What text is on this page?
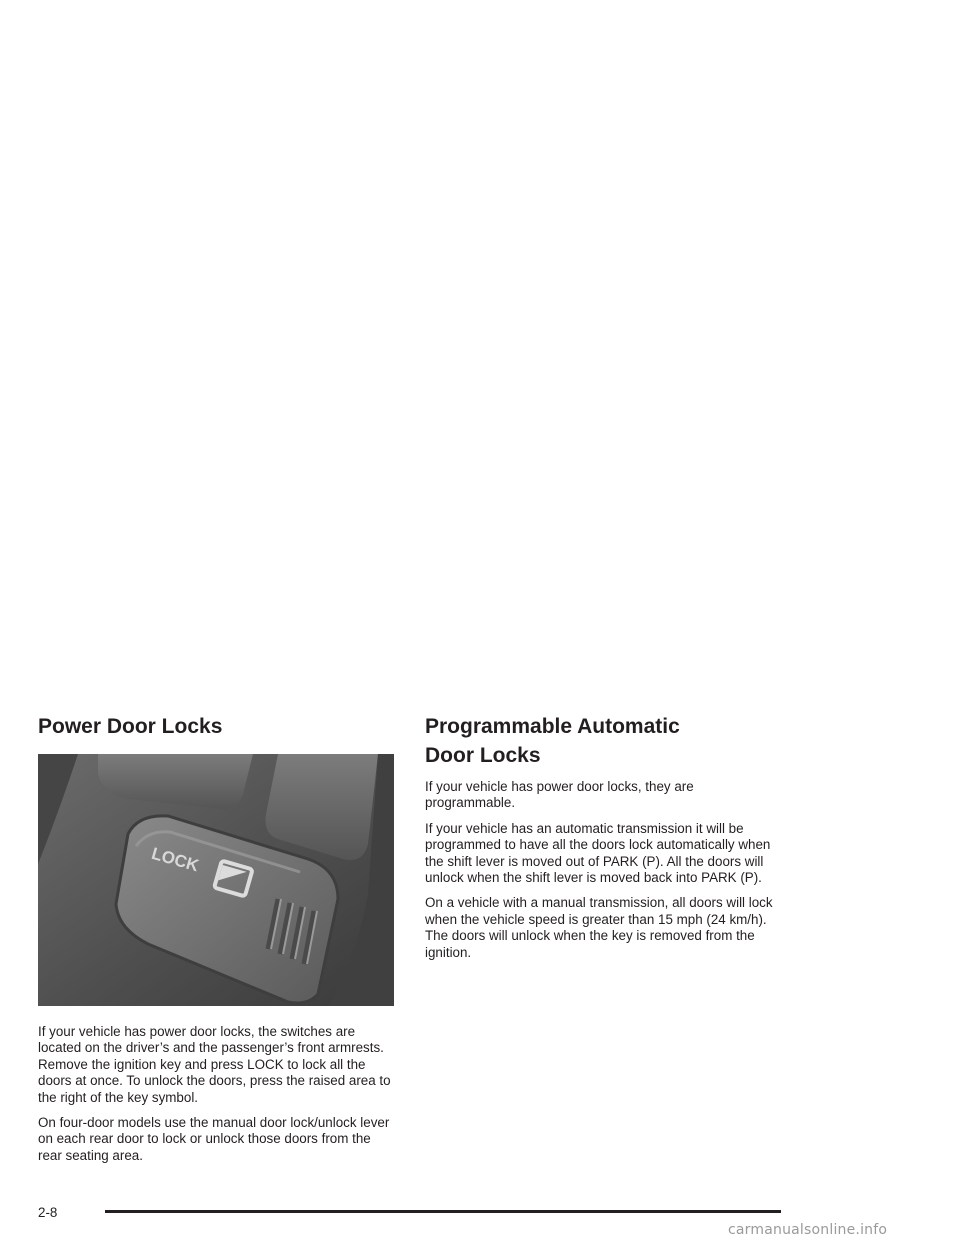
Power Door Locks
LOCK

If your vehicle has power door locks, the switches are located on the driver’s and the passenger’s front armrests. Remove the ignition key and press LOCK to lock all the doors at once. To unlock the doors, press the raised area to the right of the key symbol.

On four-door models use the manual door lock/unlock lever on each rear door to lock or unlock those doors from the rear seating area.

Programmable Automatic
Door Locks

If your vehicle has power door locks, they are programmable.

If your vehicle has an automatic transmission it will be programmed to have all the doors lock automatically when the shift lever is moved out of PARK (P). All the doors will unlock when the shift lever is moved back into PARK (P).

On a vehicle with a manual transmission, all doors will lock when the vehicle speed is greater than 15 mph (24 km/h). The doors will unlock when the key is removed from the ignition.

2-8
carmanualsonline.info
